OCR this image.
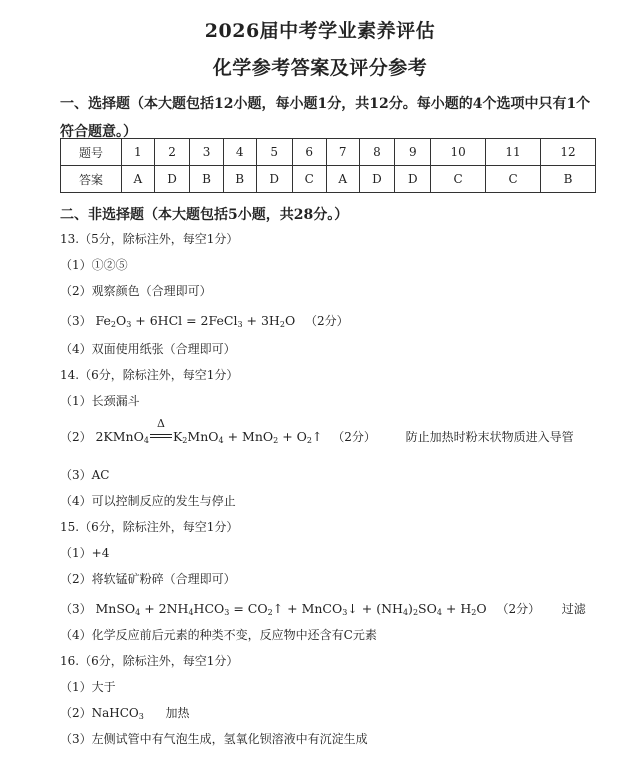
2026届中考学业素养评估
化学参考答案及评分参考
一、选择题（本大题包括12小题，每小题1分，共12分。每小题的4个选项中只有1个符合题意。）
题号	1	2	3	4	5	6	7	8	9	10	11	12
答案	A	D	B	B	D	C	A	D	D	C	C	B
二、非选择题（本大题包括5小题，共28分。）
13.（5分，除标注外，每空1分）
（1）①②⑤
（2）观察颜色（合理即可）
（3） $Fe_2O_3 + 6HCl$ = 2FeCl$_3$ + $3H_2O$ （2分）
（4）双面使用纸张（合理即可）
14.（6分，除标注外，每空1分）
（1）长颈漏斗
（2） 2KMnO$_4$
Δ
$K_2MnO_4 + MnO_2$ + $O_2↑$ （2分） 防止加热时粉末状物质进入导管
（3）AC
（4）可以控制反应的发生与停止
15.（6分，除标注外，每空1分）
（1）+4
（2）将软锰矿粉碎（合理即可）
（3） MnSO$_4$ + $2NH_4HCO_3$ = $CO_2↑$ + MnCO$_3$↓ + $(NH_4)_2SO_4 + H_2O$ （2分） 过滤
（4）化学反应前后元素的种类不变，反应物中还含有C元素
16.（6分，除标注外，每空1分）
（1）大于
（2）NaHCO$_3$ 加热
（3）左侧试管中有气泡生成，氢氧化钡溶液中有沉淀生成
